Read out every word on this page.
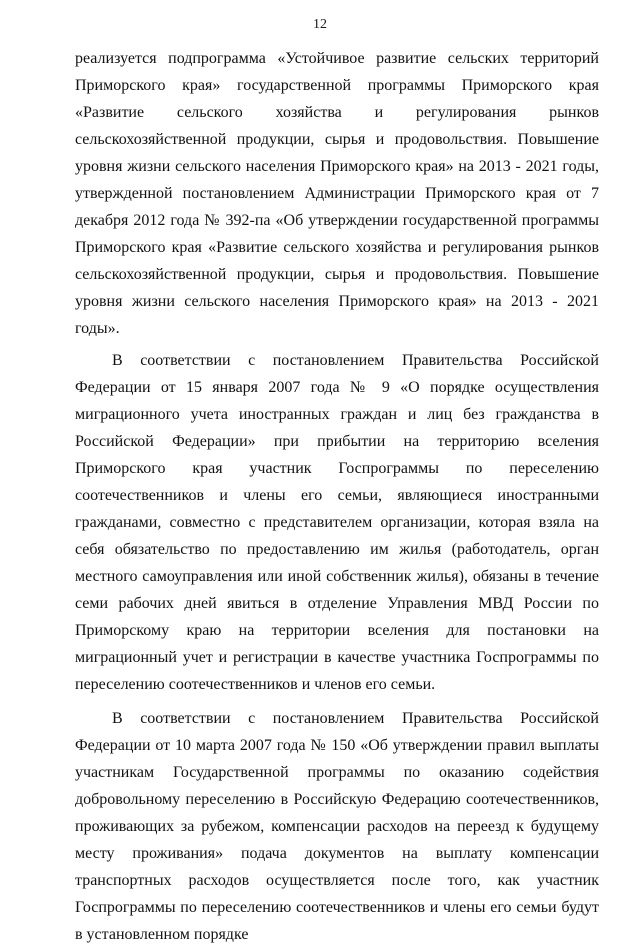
12

реализуется подпрограмма «Устойчивое развитие сельских территорий Приморского края» государственной программы Приморского края «Развитие сельского хозяйства и регулирования рынков сельскохозяйственной продукции, сырья и продовольствия. Повышение уровня жизни сельского населения Приморского края» на 2013 - 2021 годы, утвержденной постановлением Администрации Приморского края от 7 декабря 2012 года № 392-па «Об утверждении государственной программы Приморского края «Развитие сельского хозяйства и регулирования рынков сельскохозяйственной продукции, сырья и продовольствия. Повышение уровня жизни сельского населения Приморского края» на 2013 - 2021 годы».

В соответствии с постановлением Правительства Российской Федерации от 15 января 2007 года № 9 «О порядке осуществления миграционного учета иностранных граждан и лиц без гражданства в Российской Федерации» при прибытии на территорию вселения Приморского края участник Госпрограммы по переселению соотечественников и члены его семьи, являющиеся иностранными гражданами, совместно с представителем организации, которая взяла на себя обязательство по предоставлению им жилья (работодатель, орган местного самоуправления или иной собственник жилья), обязаны в течение семи рабочих дней явиться в отделение Управления МВД России по Приморскому краю на территории вселения для постановки на миграционный учет и регистрации в качестве участника Госпрограммы по переселению соотечественников и членов его семьи.

В соответствии с постановлением Правительства Российской Федерации от 10 марта 2007 года № 150 «Об утверждении правил выплаты участникам Государственной программы по оказанию содействия добровольному переселению в Российскую Федерацию соотечественников, проживающих за рубежом, компенсации расходов на переезд к будущему месту проживания» подача документов на выплату компенсации транспортных расходов осуществляется после того, как участник Госпрограммы по переселению соотечественников и члены его семьи будут в установленном порядке
